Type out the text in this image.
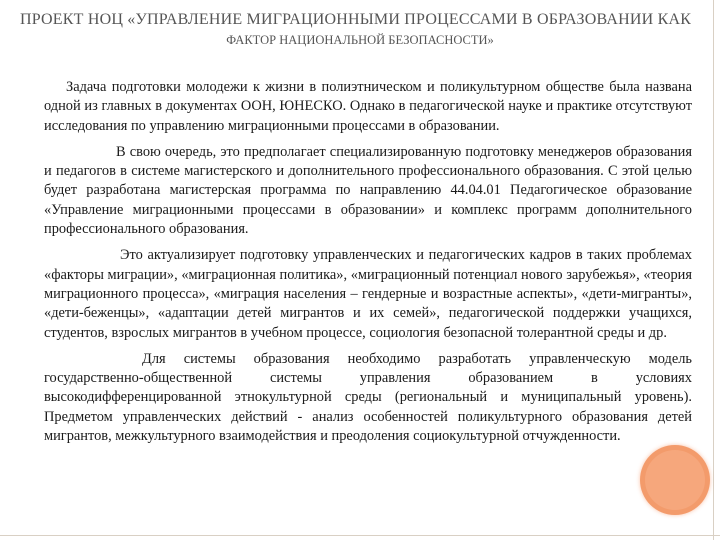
ПРОЕКТ НОЦ «УПРАВЛЕНИЕ МИГРАЦИОННЫМИ ПРОЦЕССАМИ В ОБРАЗОВАНИИ КАК
ФАКТОР НАЦИОНАЛЬНОЙ БЕЗОПАСНОСТИ»

Задача подготовки молодежи к жизни в полиэтническом и поликультурном обществе была названа одной из главных в документах ООН, ЮНЕСКО. Однако в педагогической науке и практике отсутствуют исследования по управлению миграционными процессами в образовании.

В свою очередь, это предполагает специализированную подготовку менеджеров образования и педагогов в системе магистерского и дополнительного профессионального образования. С этой целью будет разработана магистерская программа по направлению 44.04.01 Педагогическое образование «Управление миграционными процессами в образовании» и комплекс программ дополнительного профессионального образования.

Это актуализирует подготовку управленческих и педагогических кадров в таких проблемах «факторы миграции», «миграционная политика», «миграционный потенциал нового зарубежья», «теория миграционного процесса», «миграция населения – гендерные и возрастные аспекты», «дети-мигранты», «дети-беженцы», «адаптации детей мигрантов и их семей», педагогической поддержки учащихся, студентов, взрослых мигрантов в учебном процессе, социология безопасной толерантной среды и др.

Для системы образования необходимо разработать управленческую модель государственно-общественной системы управления образованием в условиях высокодифференцированной этнокультурной среды (региональный и муниципальный уровень). Предметом управленческих действий - анализ особенностей поликультурного образования детей мигрантов, межкультурного взаимодействия и преодоления социокультурной отчужденности.
